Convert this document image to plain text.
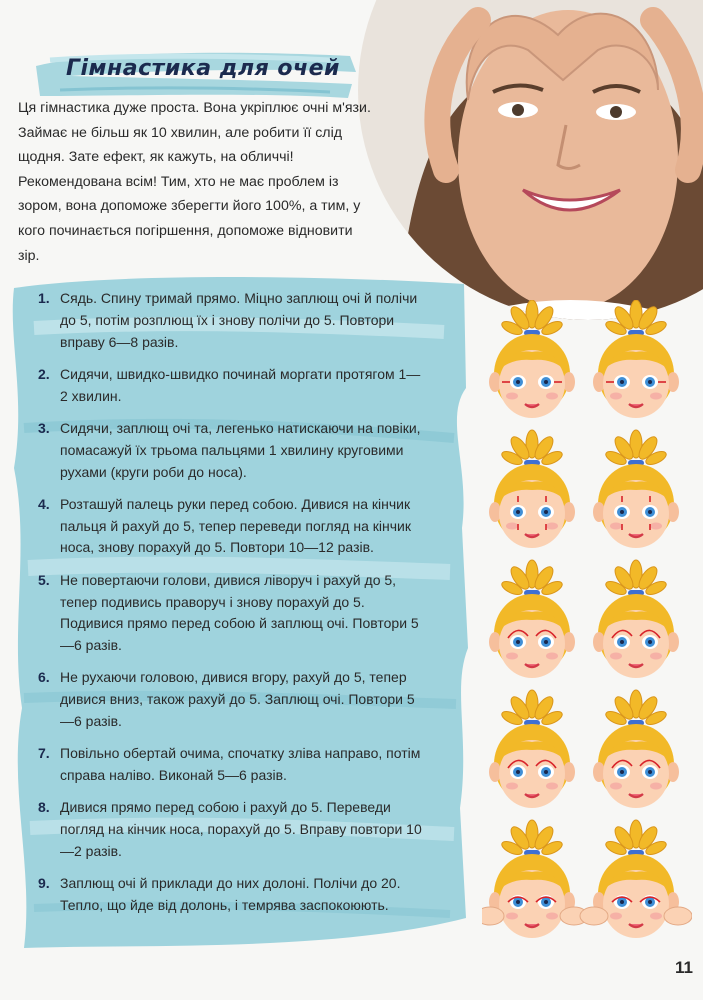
Гімнастика для очей
Ця гімнастика дуже проста. Вона укріплює очні м'язи. Займає не більш як 10 хвилин, але робити її слід щодня. Зате ефект, як кажуть, на обличчі! Рекомендована всім! Тим, хто не має проблем із зором, вона допоможе зберегти його 100%, а тим, у кого починається погіршення, допоможе відновити зір.
1. Сядь. Спину тримай прямо. Міцно заплющ очі й полічи до 5, потім розплющ їх і знову полічи до 5. Повтори вправу 6—8 разів.
2. Сидячи, швидко-швидко починай моргати протягом 1—2 хвилин.
3. Сидячи, заплющ очі та, легенько натискаючи на повіки, помасажуй їх трьома пальцями 1 хвилину круговими рухами (круги роби до носа).
4. Розташуй палець руки перед собою. Дивися на кінчик пальця й рахуй до 5, тепер переведи погляд на кінчик носа, знову порахуй до 5. Повтори 10—12 разів.
5. Не повертаючи голови, дивися ліворуч і рахуй до 5, тепер подивись праворуч і знову порахуй до 5. Подивися прямо перед собою й заплющ очі. Повтори 5—6 разів.
6. Не рухаючи головою, дивися вгору, рахуй до 5, тепер дивися вниз, також рахуй до 5. Заплющ очі. Повтори 5—6 разів.
7. Повільно обертай очима, спочатку зліва направо, потім справа наліво. Виконай 5—6 разів.
8. Дивися прямо перед собою і рахуй до 5. Переведи погляд на кінчик носа, порахуй до 5. Вправу повтори 10—2 разів.
9. Заплющ очі й приклади до них долоні. Полічи до 20. Тепло, що йде від долонь, і темрява заспокоюють.
11
